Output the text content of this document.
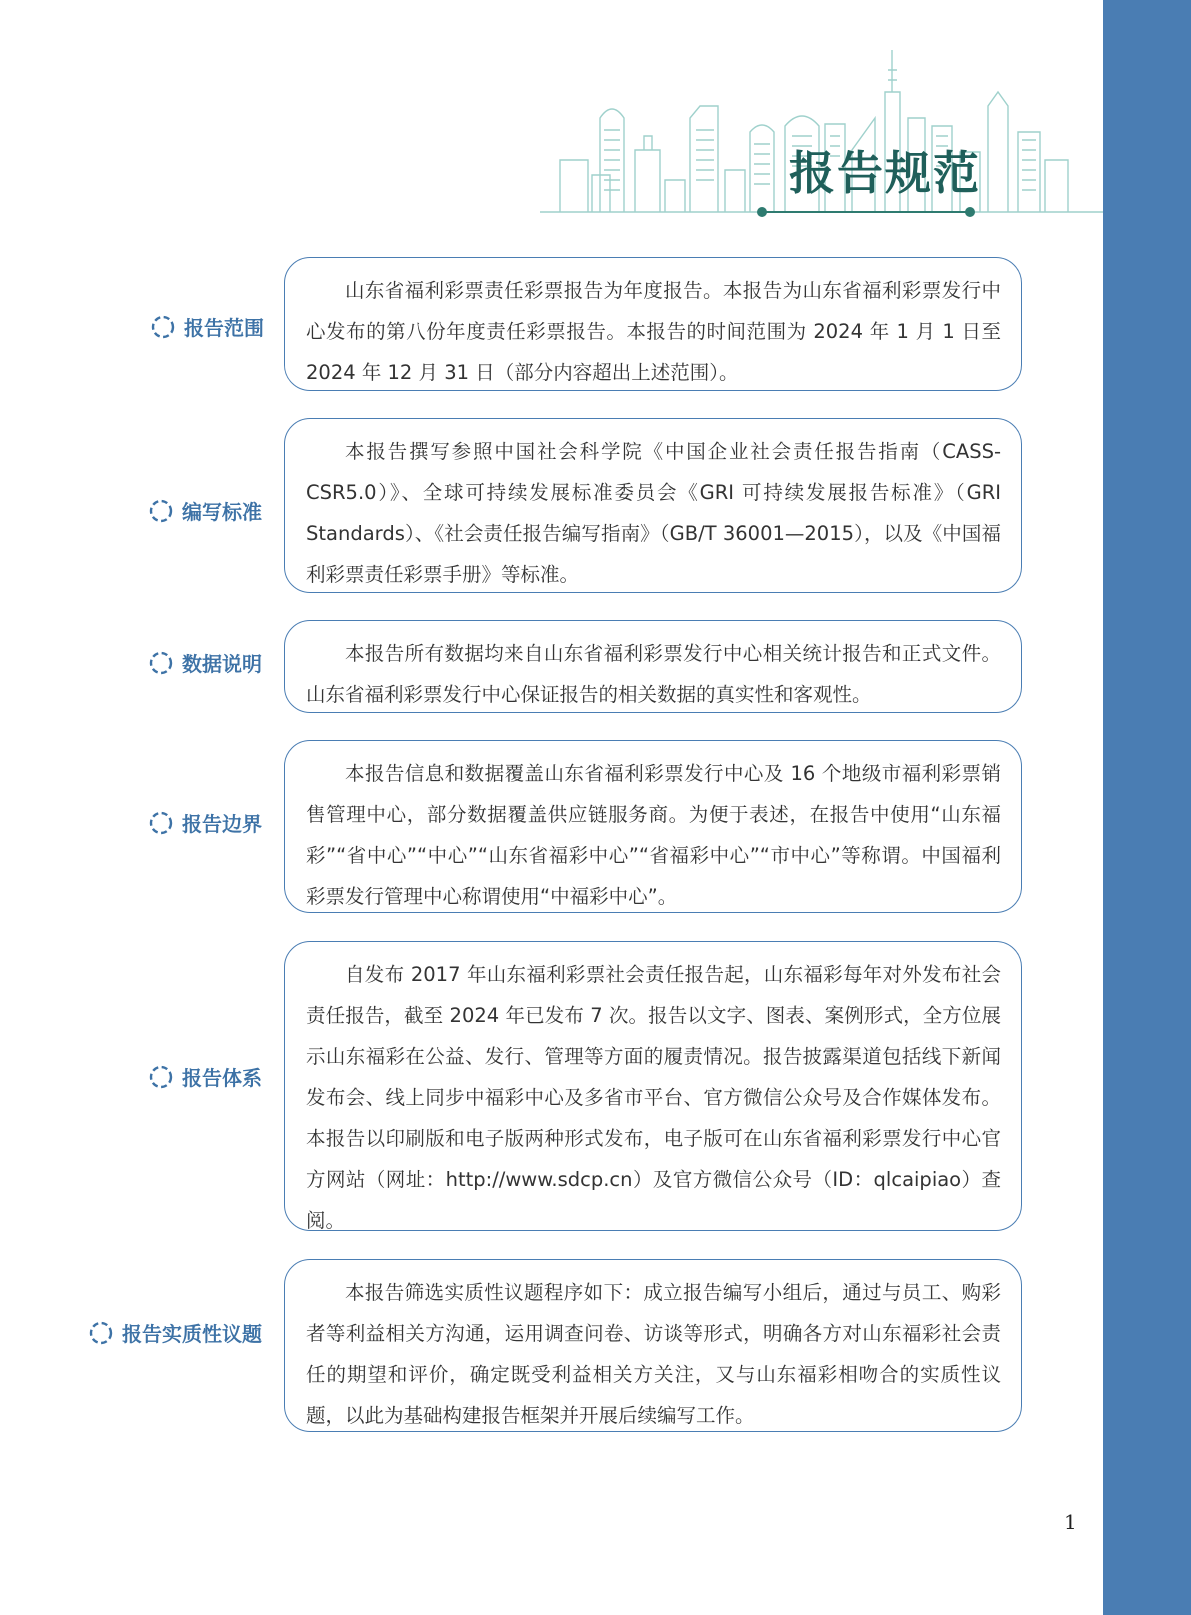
报告规范
报告范围
山东省福利彩票责任彩票报告为年度报告。本报告为山东省福利彩票发行中心发布的第八份年度责任彩票报告。本报告的时间范围为 2024 年 1 月 1 日至 2024 年 12 月 31 日（部分内容超出上述范围）。
编写标准
本报告撰写参照中国社会科学院《中国企业社会责任报告指南（CASS-CSR5.0）》、全球可持续发展标准委员会《GRI 可持续发展报告标准》（GRI Standards）、《社会责任报告编写指南》（GB/T 36001—2015），以及《中国福利彩票责任彩票手册》等标准。
数据说明	本报告所有数据均来自山东省福利彩票发行中心相关统计报告和正式文件。山东省福利彩票发行中心保证报告的相关数据的真实性和客观性。
报告边界
本报告信息和数据覆盖山东省福利彩票发行中心及 16 个地级市福利彩票销售管理中心，部分数据覆盖供应链服务商。为便于表述，在报告中使用“山东福彩”“省中心”“中心”“山东省福彩中心”“省福彩中心”“市中心”等称谓。中国福利彩票发行管理中心称谓使用“中福彩中心”。
报告体系
自发布 2017 年山东福利彩票社会责任报告起，山东福彩每年对外发布社会责任报告，截至 2024 年已发布 7 次。报告以文字、图表、案例形式，全方位展示山东福彩在公益、发行、管理等方面的履责情况。报告披露渠道包括线下新闻发布会、线上同步中福彩中心及多省市平台、官方微信公众号及合作媒体发布。本报告以印刷版和电子版两种形式发布，电子版可在山东省福利彩票发行中心官方网站（网址：http://www.sdcp.cn）及官方微信公众号（ID：qlcaipiao）查阅。
报告实质性议题
本报告筛选实质性议题程序如下：成立报告编写小组后，通过与员工、购彩者等利益相关方沟通，运用调查问卷、访谈等形式，明确各方对山东福彩社会责任的期望和评价，确定既受利益相关方关注，又与山东福彩相吻合的实质性议题，以此为基础构建报告框架并开展后续编写工作。
1
